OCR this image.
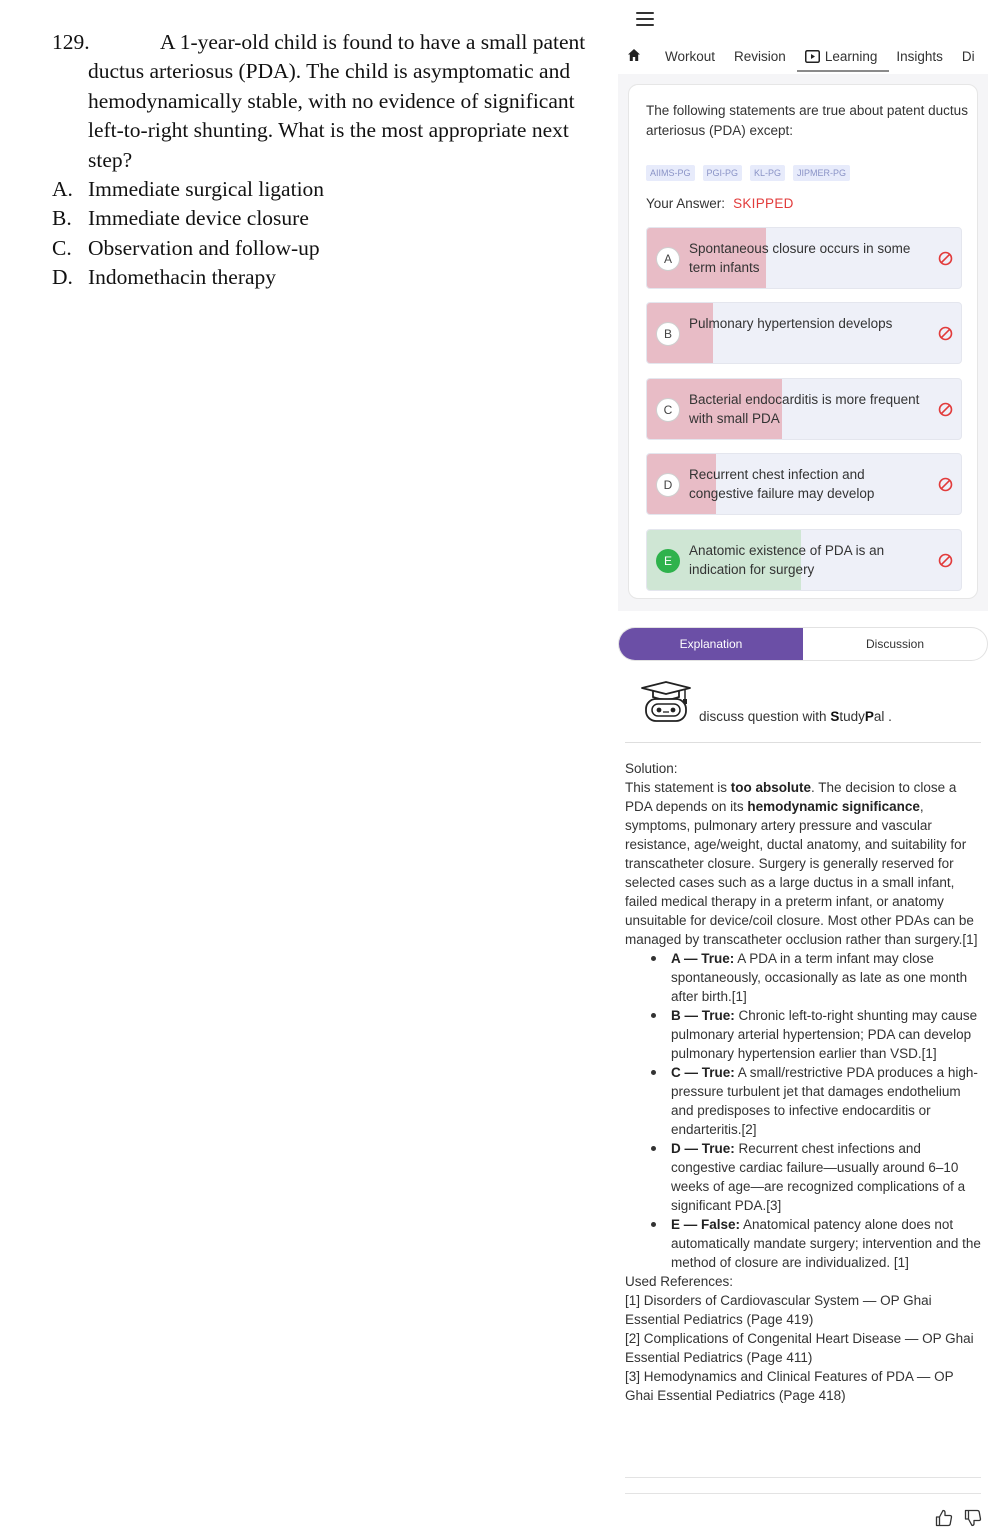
129.	A 1-year-old child is found to have a small patent ductus arteriosus (PDA). The child is asymptomatic and hemodynamically stable, with no evidence of significant left-to-right shunting. What is the most appropriate next step?
A. Immediate surgical ligation
B. Immediate device closure
C. Observation and follow-up
D. Indomethacin therapy
Workout Revision	Learning Insights Di
The following statements are true about patent ductus arteriosus (PDA) except:
AIIMS-PG	PGI-PG	KL-PG	JIPMER-PG
Your Answer: SKIPPED
A
Spontaneous closure occurs in some term infants
B
Pulmonary hypertension develops
C
Bacterial endocarditis is more frequent with small PDA
D
Recurrent chest infection and congestive failure may develop
E
Anatomic existence of PDA is an indication for surgery
Explanation	Discussion
discuss question with StudyPal .

Solution:

This statement is too absolute. The decision to close a PDA depends on its hemodynamic significance, symptoms, pulmonary artery pressure and vascular resistance, age/weight, ductal anatomy, and suitability for transcatheter closure. Surgery is generally reserved for selected cases such as a large ductus in a small infant, failed medical therapy in a preterm infant, or anatomy unsuitable for device/coil closure. Most other PDAs can be managed by transcatheter occlusion rather than surgery.[1]

A — True: A PDA in a term infant may close spontaneously, occasionally as late as one month after birth.[1]
B — True: Chronic left-to-right shunting may cause pulmonary arterial hypertension; PDA can develop pulmonary hypertension earlier than VSD.[1]
C — True: A small/restrictive PDA produces a high-pressure turbulent jet that damages endothelium and predisposes to infective endocarditis or endarteritis.[2]
D — True: Recurrent chest infections and congestive cardiac failure—usually around 6–10 weeks of age—are recognized complications of a significant PDA.[3]
E — False: Anatomical patency alone does not automatically mandate surgery; intervention and the method of closure are individualized. [1]

Used References:

[1] Disorders of Cardiovascular System — OP Ghai Essential Pediatrics (Page 419)

[2] Complications of Congenital Heart Disease — OP Ghai Essential Pediatrics (Page 411)

[3] Hemodynamics and Clinical Features of PDA — OP Ghai Essential Pediatrics (Page 418)
